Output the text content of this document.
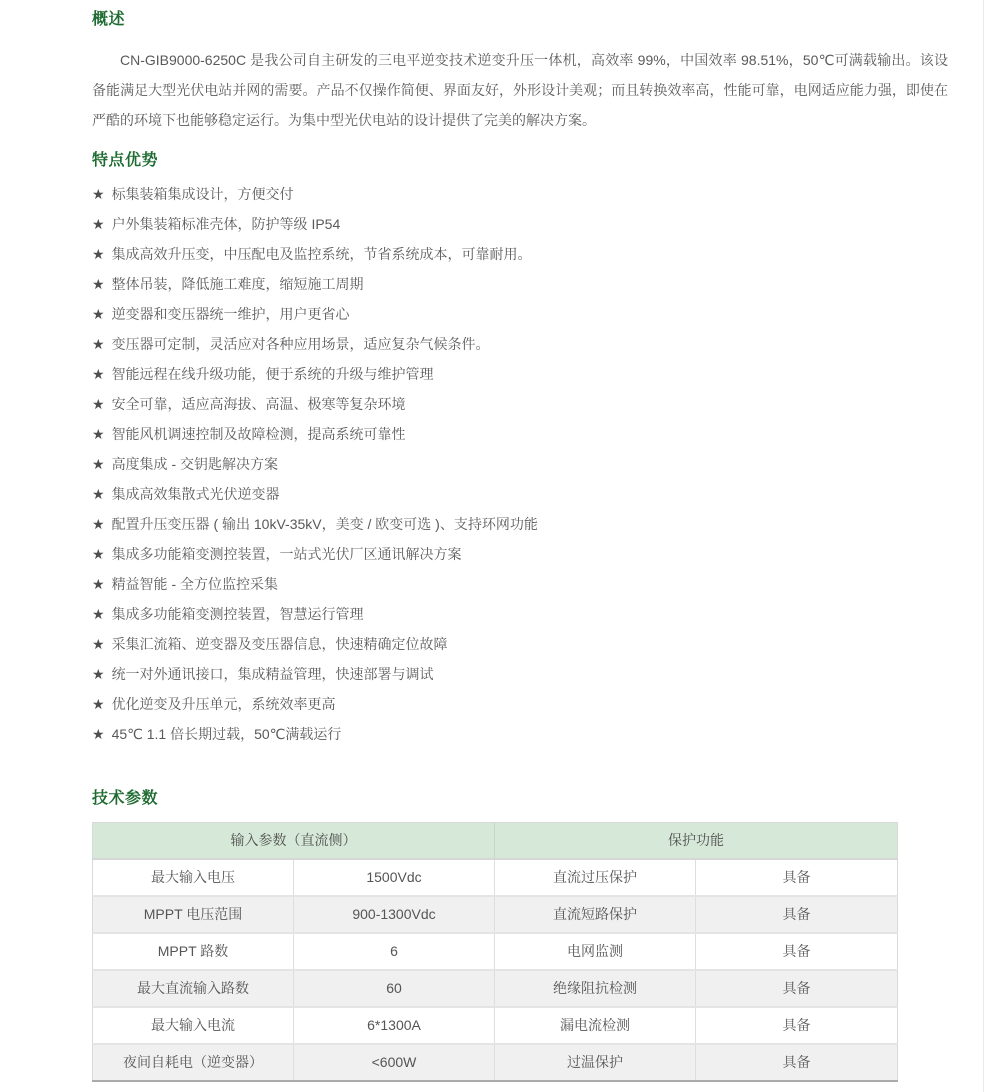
概述

CN-GIB9000-6250C 是我公司自主研发的三电平逆变技术逆变升压一体机，高效率 99%，中国效率 98.51%，50℃可满载输出。该设备能满足大型光伏电站并网的需要。产品不仅操作简便、界面友好，外形设计美观；而且转换效率高，性能可靠，电网适应能力强，即使在严酷的环境下也能够稳定运行。为集中型光伏电站的设计提供了完美的解决方案。

特点优势
★ 标集装箱集成设计，方便交付
★ 户外集装箱标准壳体，防护等级 IP54
★ 集成高效升压变，中压配电及监控系统，节省系统成本，可靠耐用。
★ 整体吊装，降低施工难度，缩短施工周期
★ 逆变器和变压器统一维护，用户更省心
★ 变压器可定制，灵活应对各种应用场景，适应复杂气候条件。
★ 智能远程在线升级功能，便于系统的升级与维护管理
★ 安全可靠，适应高海拔、高温、极寒等复杂环境
★ 智能风机调速控制及故障检测，提高系统可靠性
★ 高度集成 - 交钥匙解决方案
★ 集成高效集散式光伏逆变器
★ 配置升压变压器 ( 输出 10kV-35kV，美变 / 欧变可选 )、支持环网功能
★ 集成多功能箱变测控装置，一站式光伏厂区通讯解决方案
★ 精益智能 - 全方位监控采集
★ 集成多功能箱变测控装置，智慧运行管理
★ 采集汇流箱、逆变器及变压器信息，快速精确定位故障
★ 统一对外通讯接口，集成精益管理，快速部署与调试
★ 优化逆变及升压单元，系统效率更高
★ 45℃ 1.1 倍长期过载，50℃满载运行
技术参数
输入参数（直流侧）		保护功能	
最大输入电压	1500Vdc	直流过压保护	具备
MPPT 电压范围	900-1300Vdc	直流短路保护	具备
MPPT 路数	6	电网监测	具备
最大直流输入路数	60	绝缘阻抗检测	具备
最大输入电流	6*1300A	漏电流检测	具备
夜间自耗电（逆变器）	<600W	过温保护	具备
